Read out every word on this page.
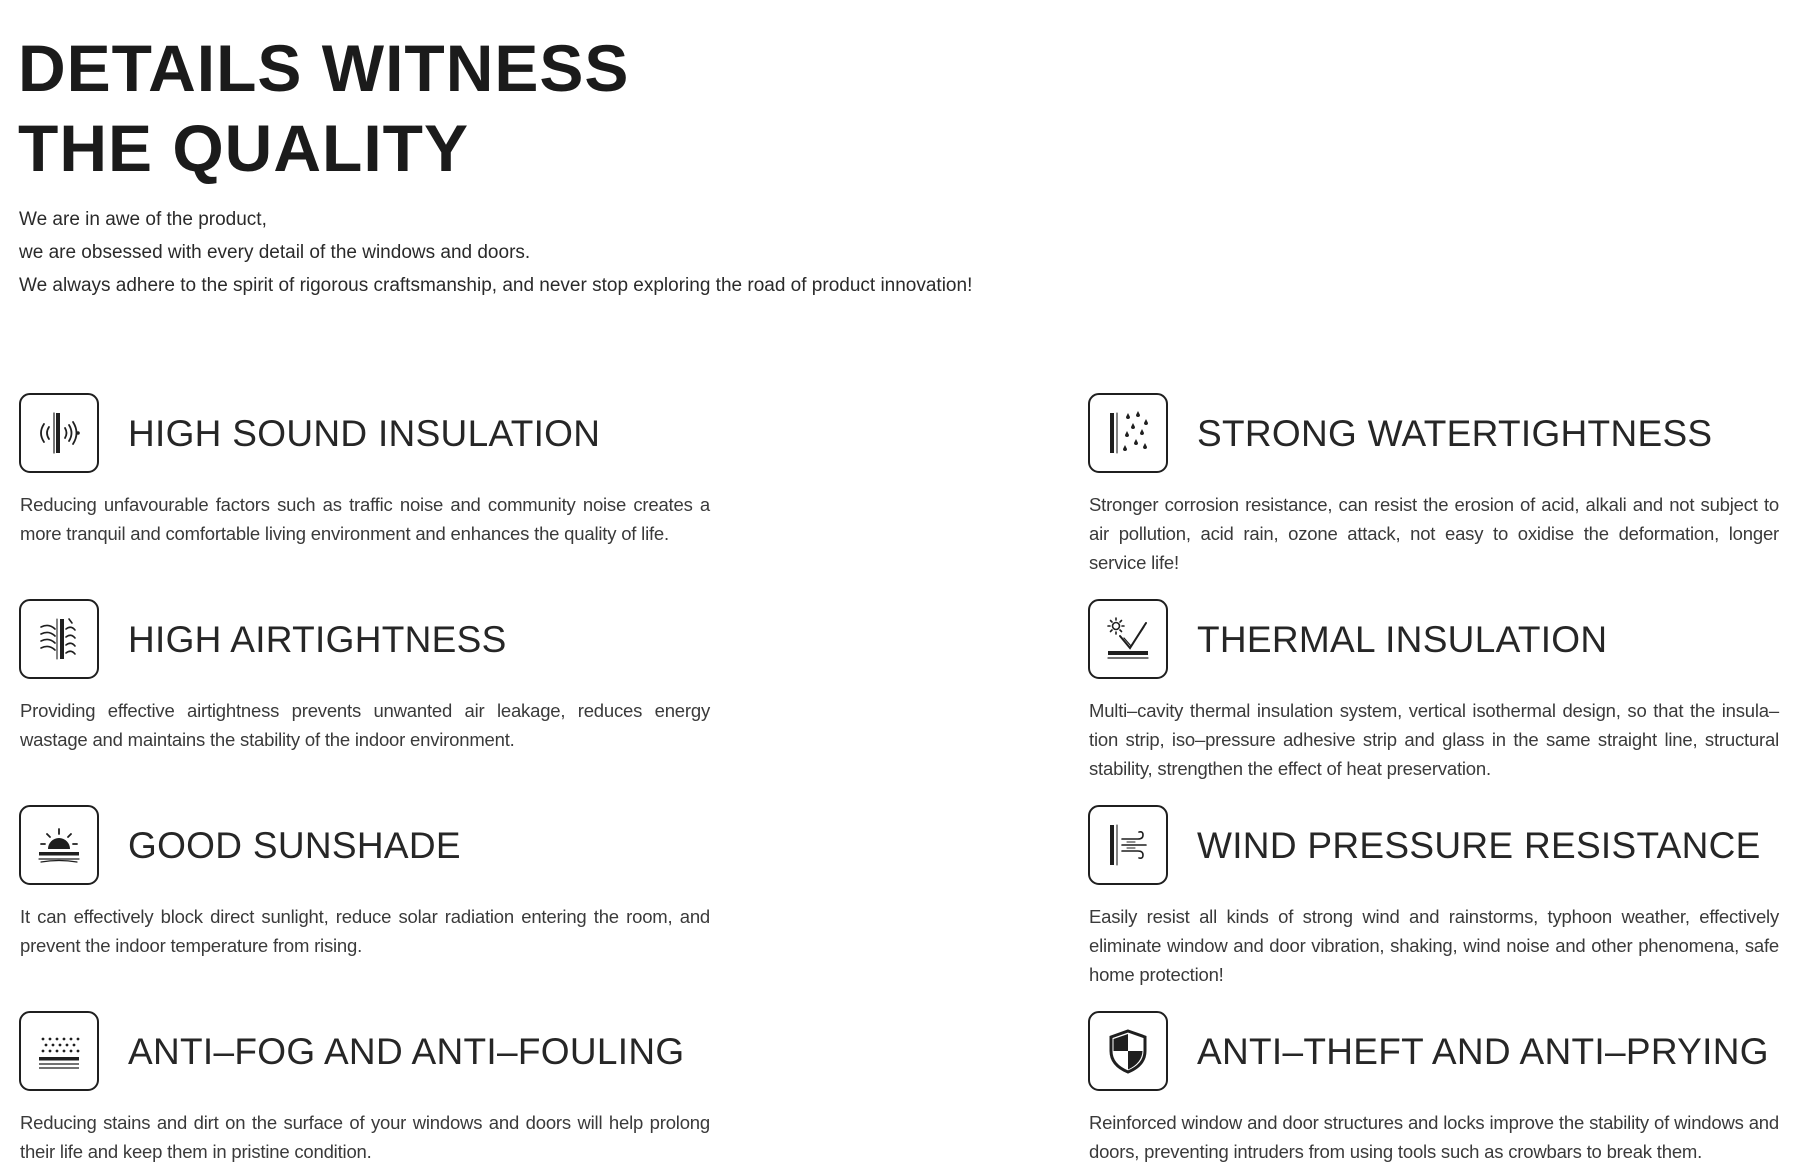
DETAILS WITNESS
THE QUALITY
We are in awe of the product,
we are obsessed with every detail of the windows and doors.
We always adhere to the spirit of rigorous craftsmanship, and never stop exploring the road of product innovation!
HIGH SOUND INSULATION

Reducing unfavourable factors such as traffic noise and community noise creates a more tranquil and comfortable living environment and enhances the quality of life.

STRONG WATERTIGHTNESS

Stronger corrosion resistance, can resist the erosion of acid, alkali and not subject to air pollution, acid rain, ozone attack, not easy to oxidise the deformation, longer service life!

HIGH AIRTIGHTNESS

Providing effective airtightness prevents unwanted air leakage, reduces energy wastage and maintains the stability of the indoor environment.

THERMAL INSULATION

Multi–cavity thermal insulation system, vertical isothermal design, so that the insula–tion strip, iso–pressure adhesive strip and glass in the same straight line, structural stability, strengthen the effect of heat preservation.

GOOD SUNSHADE

It can effectively block direct sunlight, reduce solar radiation entering the room, and prevent the indoor temperature from rising.

WIND PRESSURE RESISTANCE

Easily resist all kinds of strong wind and rainstorms, typhoon weather, effectively eliminate window and door vibration, shaking, wind noise and other phenomena, safe home protection!

ANTI–FOG AND ANTI–FOULING

Reducing stains and dirt on the surface of your windows and doors will help prolong their life and keep them in pristine condition.

ANTI–THEFT AND ANTI–PRYING

Reinforced window and door structures and locks improve the stability of windows and doors, preventing intruders from using tools such as crowbars to break them.
